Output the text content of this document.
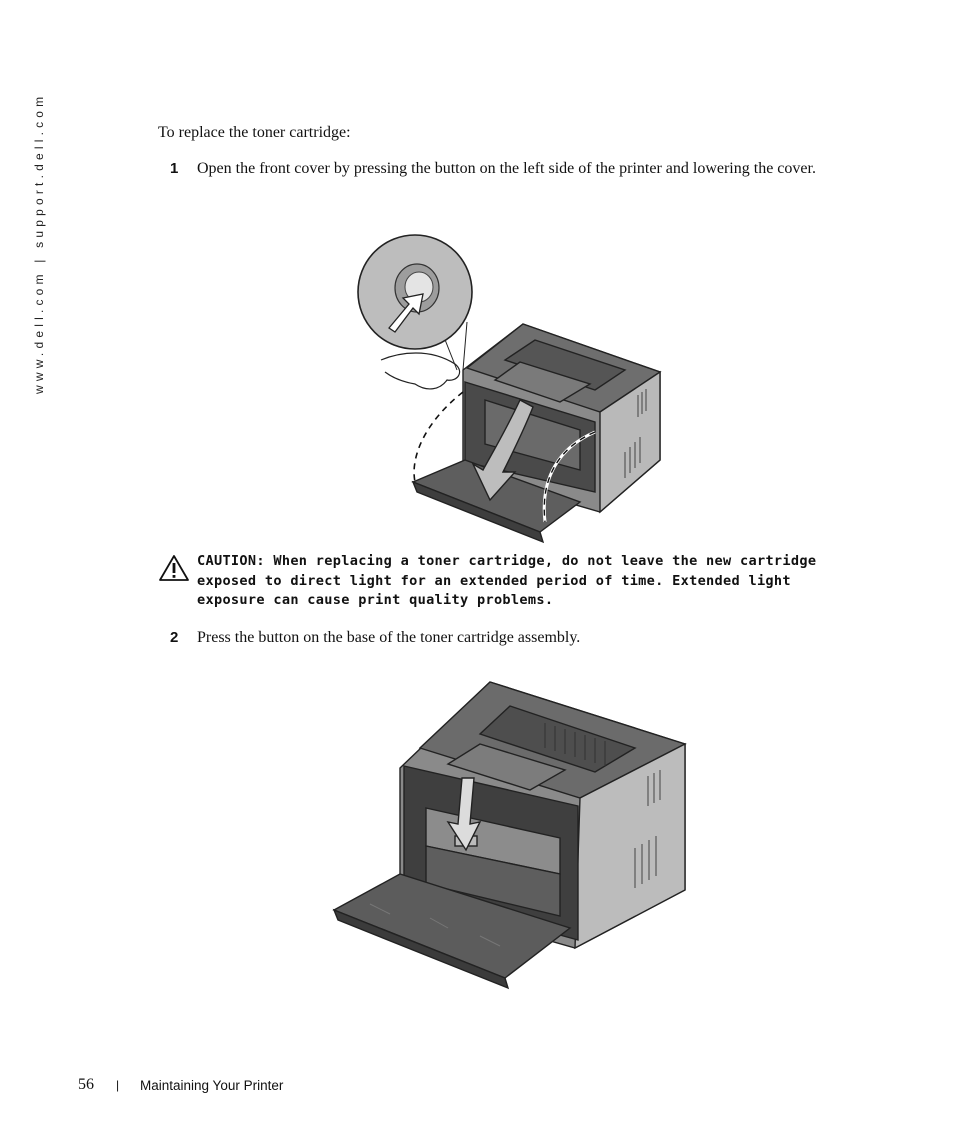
www.dell.com | support.dell.com	To replace the toner cartridge:
1 Open the front cover by pressing the button on the left side of the printer and lowering the cover.
CAUTION: When replacing a toner cartridge, do not leave the new cartridge exposed to direct light for an extended period of time. Extended light exposure can cause print quality problems.
2 Press the button on the base of the toner cartridge assembly.
56 | Maintaining Your Printer
